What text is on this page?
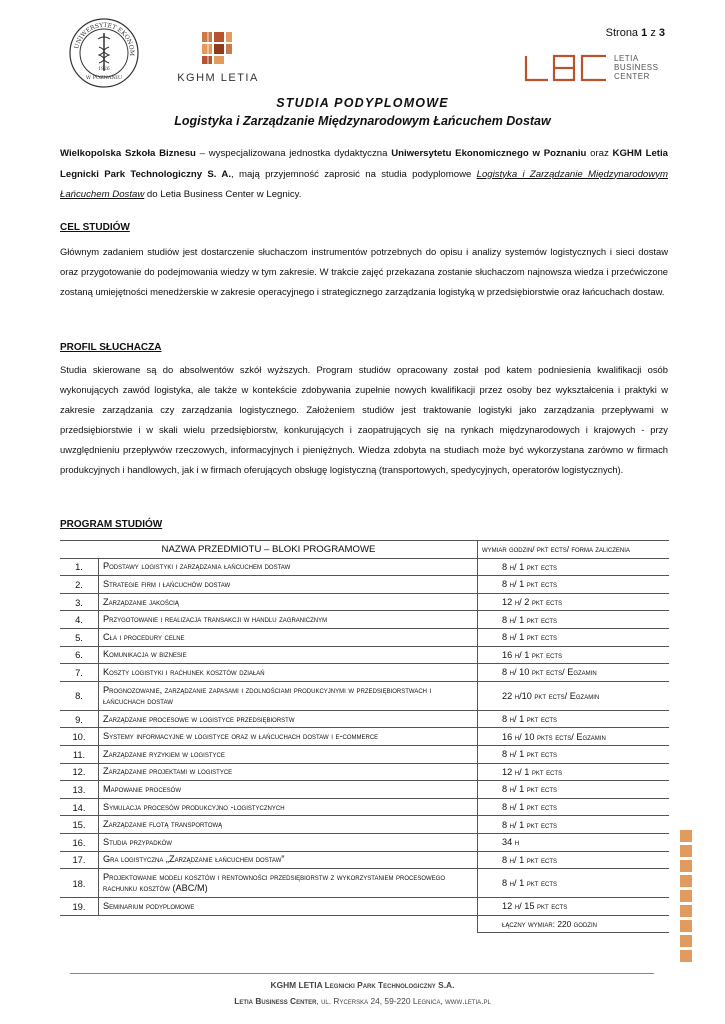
Strona 1 z 3
UNIWERSYTET EKONOM
W POZNANIU
1926
KGHM LETIA
LETIA
BUSINESS
CENTER
STUDIA PODYPLOMOWE
Logistyka i Zarządzanie Międzynarodowym Łańcuchem Dostaw
Wielkopolska Szkoła Biznesu – wyspecjalizowana jednostka dydaktyczna Uniwersytetu Ekonomicznego w Poznaniu oraz KGHM Letia Legnicki Park Technologiczny S. A., mają przyjemność zaprosić na studia podyplomowe Logistyka i Zarządzanie Międzynarodowym Łańcuchem Dostaw do Letia Business Center w Legnicy.
CEL STUDIÓW
Głównym zadaniem studiów jest dostarczenie słuchaczom instrumentów potrzebnych do opisu i analizy systemów logistycznych i sieci dostaw oraz przygotowanie do podejmowania wiedzy w tym zakresie. W trakcie zajęć przekazana zostanie słuchaczom najnowsza wiedza i przećwiczone zostaną umiejętności menedżerskie w zakresie operacyjnego i strategicznego zarządzania logistyką w przedsiębiorstwie oraz łańcuchach dostaw.
PROFIL SŁUCHACZA
Studia skierowane są do absolwentów szkół wyższych. Program studiów opracowany został pod katem podniesienia kwalifikacji osób wykonujących zawód logistyka, ale także w kontekście zdobywania zupełnie nowych kwalifikacji przez osoby bez wykształcenia i praktyki w zakresie zarządzania czy zarządzania logistycznego. Założeniem studiów jest traktowanie logistyki jako zarządzania przepływami w przedsiębiorstwie i w skali wielu przedsiębiorstw, konkurujących i zaopatrujących się na rynkach międzynarodowych i krajowych - przy uwzględnieniu przepływów rzeczowych, informacyjnych i pieniężnych. Wiedza zdobyta na studiach może być wykorzystana zarówno w firmach produkcyjnych i handlowych, jak i w firmach oferujących obsługę logistyczną (transportowych, spedycyjnych, operatorów logistycznych).
PROGRAM STUDIÓW
NAZWA PRZEDMIOTU – BLOKI PROGRAMOWE		wymiar godzin/ pkt ects/ forma zaliczenia
1.	Podstawy logistyki i zarządzania łańcuchem dostaw	8 h/ 1 pkt ects
2.	Strategie firm i łańcuchów dostaw	8 h/ 1 pkt ects
3.	Zarządzanie jakością	12 h/ 2 pkt ects
4.	Przygotowanie i realizacja transakcji w handlu zagranicznym	8 h/ 1 pkt ects
5.	Cła i procedury celne	8 h/ 1 pkt ects
6.	Komunikacja w biznesie	16 h/ 1 pkt ects
7.	Koszty logistyki i rachunek kosztów działań	8 h/ 10 pkt ects/ Egzamin
8.	Prognozowanie, zarządzanie zapasami i zdolnościami produkcyjnymi w przedsiębiorstwach i łańcuchach dostaw	22 h/10 pkt ects/ Egzamin
9.	Zarządzanie procesowe w logistyce przedsiębiorstw	8 h/ 1 pkt ects
10.	Systemy informacyjne w logistyce oraz w łańcuchach dostaw i e-commerce	16 h/ 10 pkts ects/ Egzamin
11.	Zarządzanie ryzykiem w logistyce	8 h/ 1 pkt ects
12.	Zarządzanie projektami w logistyce	12 h/ 1 pkt ects
13.	Mapowanie procesów	8 h/ 1 pkt ects
14.	Symulacja procesów produkcyjno -logistycznych	8 h/ 1 pkt ects
15.	Zarządzanie flotą transportową	8 h/ 1 pkt ects
16.	Studia przypadków	34 h
17.	Gra logistyczna „Zarządzanie łańcuchem dostaw”	8 h/ 1 pkt ects
18.	Projektowanie modeli kosztów i rentowności przedsiębiorstw z wykorzystaniem procesowego rachunku kosztów (ABC/M)	8 h/ 1 pkt ects
19.	Seminarium podyplomowe	12 h/ 15 pkt ects
		łączny wymiar: 220 godzin
KGHM LETIA Legnicki Park Technologiczny S.A.
Letia Business Center, ul. Rycerska 24, 59-220 Legnica, www.letia.pl
